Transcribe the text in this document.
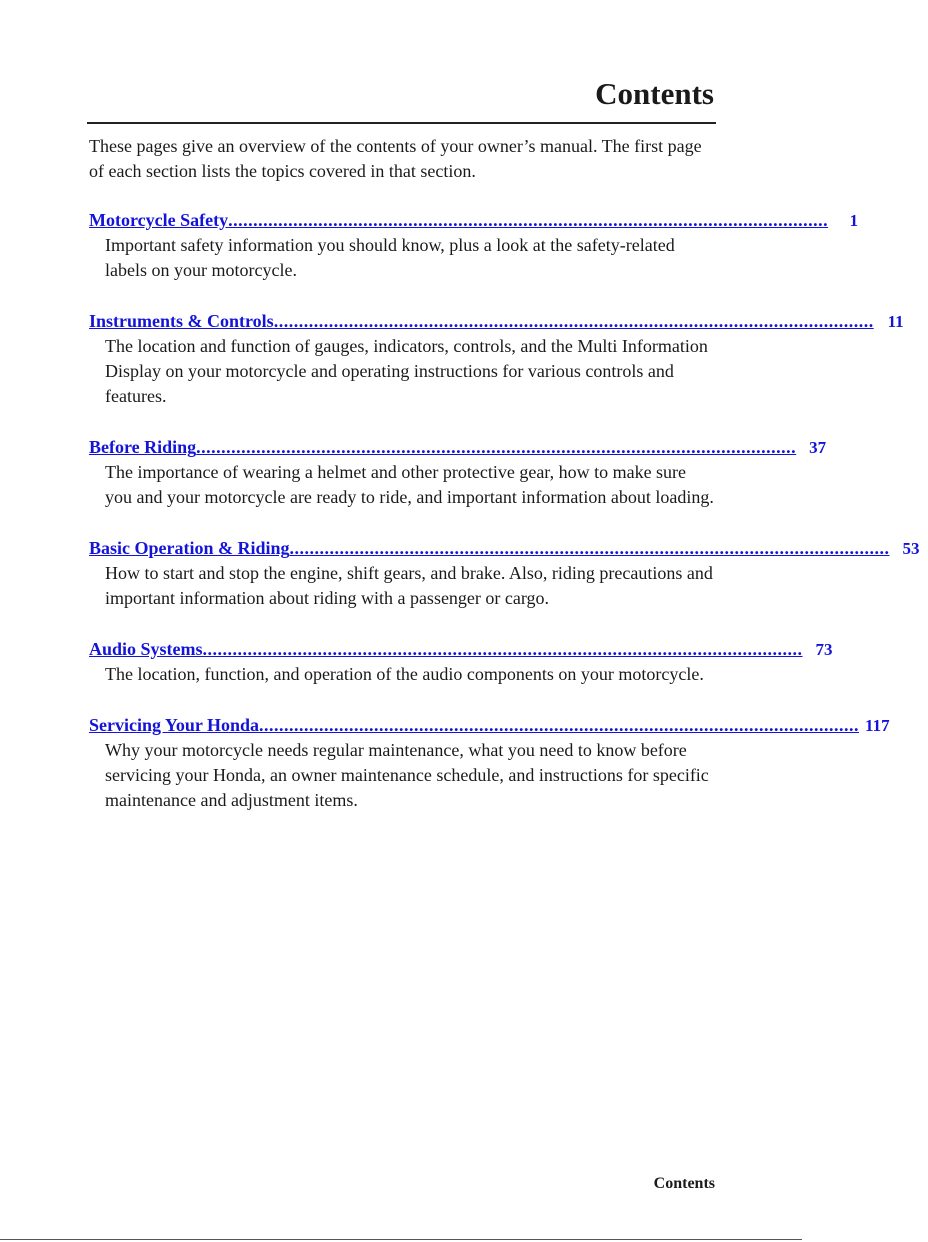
Contents

These pages give an overview of the contents of your owner’s manual. The first page of each section lists the topics covered in that section.

Motorcycle Safety ........................................................................................................................	1

Important safety information you should know, plus a look at the safety-related labels on your motorcycle.

Instruments & Controls ........................................................................................................................ 11

The location and function of gauges, indicators, controls, and the Multi Information Display on your motorcycle and operating instructions for various controls and features.

Before Riding ........................................................................................................................ 37

The importance of wearing a helmet and other protective gear, how to make sure you and your motorcycle are ready to ride, and important information about loading.

Basic Operation & Riding ........................................................................................................................ 53

How to start and stop the engine, shift gears, and brake. Also, riding precautions and important information about riding with a passenger or cargo.

Audio Systems ........................................................................................................................ 73

The location, function, and operation of the audio components on your motorcycle.

Servicing Your Honda ........................................................................................................................ 117

Why your motorcycle needs regular maintenance, what you need to know before servicing your Honda, an owner maintenance schedule, and instructions for specific maintenance and adjustment items.

Contents
